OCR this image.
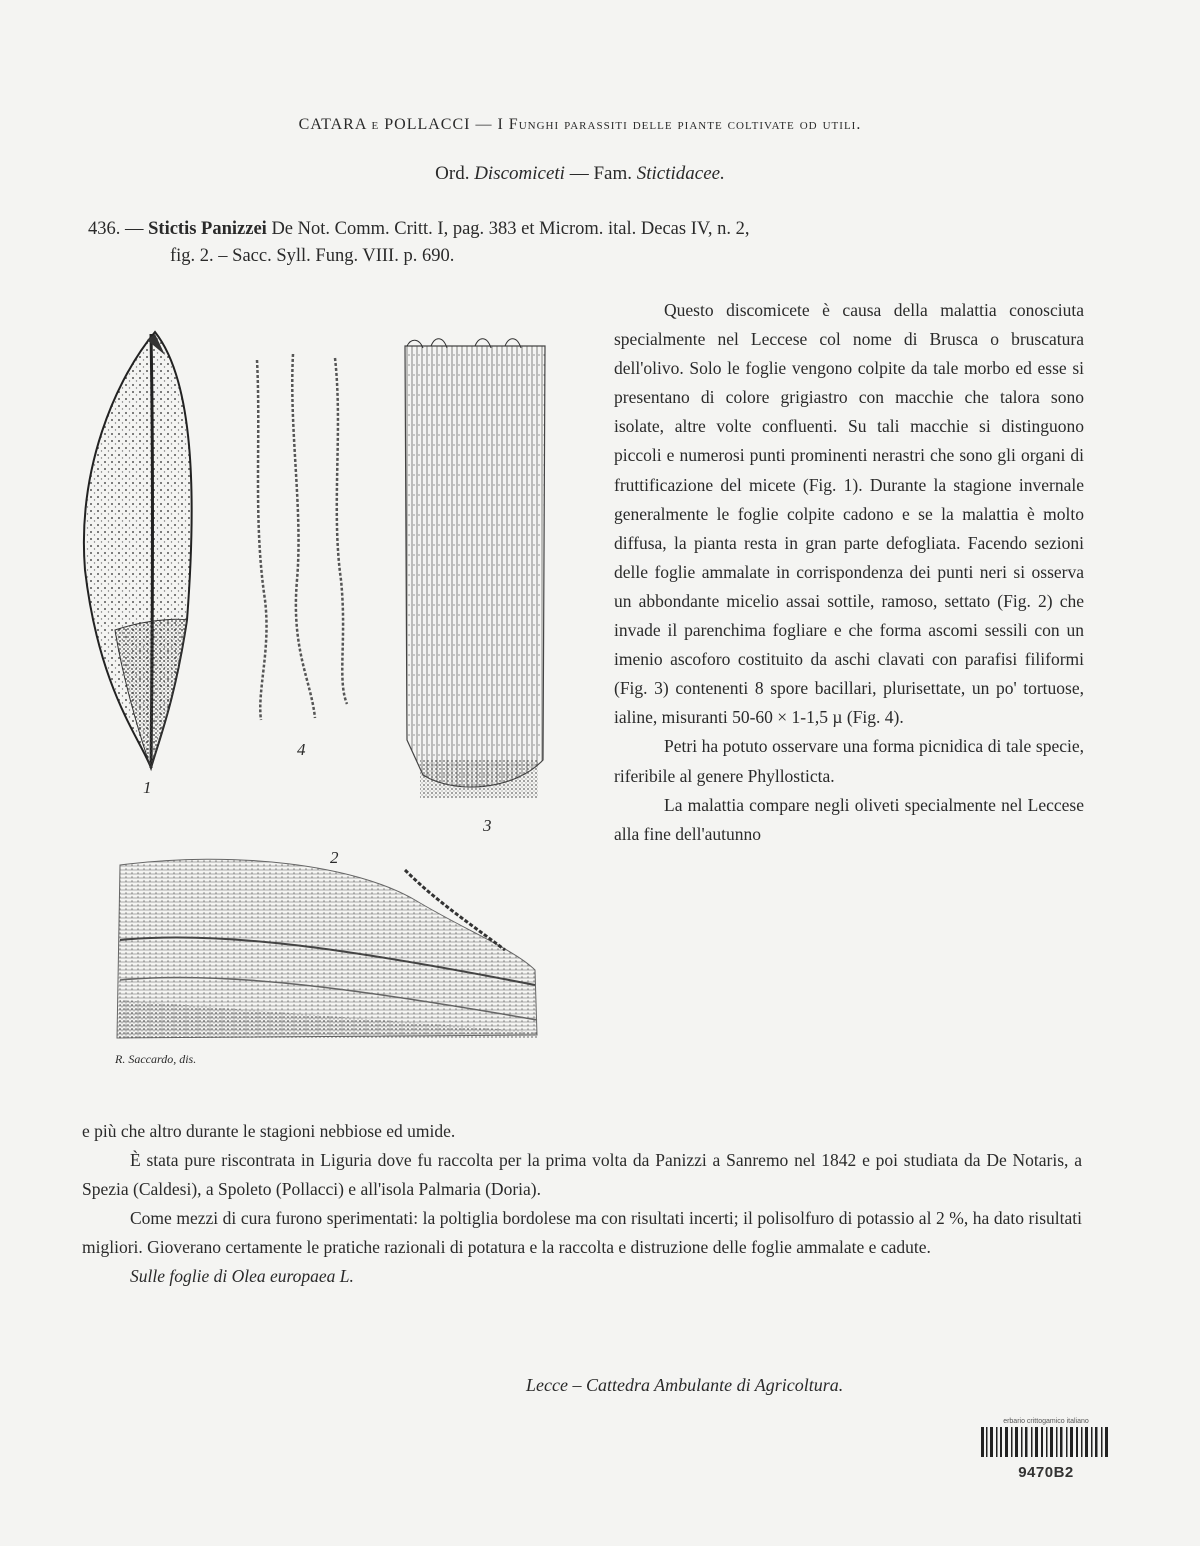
CATARA e POLLACCI — I Funghi parassiti delle piante coltivate od utili.
Ord. Discomiceti — Fam. Stictidacee.
436. — Stictis Panizzei De Not. Comm. Critt. I, pag. 383 et Microm. ital. Decas IV, n. 2,
fig. 2. – Sacc. Syll. Fung. VIII. p. 690.
1
4
3
2
R. Saccardo, dis.

Questo discomicete è causa della malattia conosciuta specialmente nel Leccese col nome di Brusca o bruscatura dell'olivo. Solo le foglie vengono colpite da tale morbo ed esse si presentano di colore grigiastro con macchie che talora sono isolate, altre volte confluenti. Su tali macchie si distinguono piccoli e numerosi punti prominenti nerastri che sono gli organi di fruttificazione del micete (Fig. 1). Durante la stagione invernale generalmente le foglie colpite cadono e se la malattia è molto diffusa, la pianta resta in gran parte defogliata. Facendo sezioni delle foglie ammalate in corrispondenza dei punti neri si osserva un abbondante micelio assai sottile, ramoso, settato (Fig. 2) che invade il parenchima fogliare e che forma ascomi sessili con un imenio ascoforo costituito da aschi clavati con parafisi filiformi (Fig. 3) contenenti 8 spore bacillari, plurisettate, un po' tortuose, ialine, misuranti 50-60 × 1-1,5 µ (Fig. 4).

Petri ha potuto osservare una forma picnidica di tale specie, riferibile al genere Phyllosticta.

La malattia compare negli oliveti specialmente nel Leccese alla fine dell'autunno

e più che altro durante le stagioni nebbiose ed umide.

È stata pure riscontrata in Liguria dove fu raccolta per la prima volta da Panizzi a Sanremo nel 1842 e poi studiata da De Notaris, a Spezia (Caldesi), a Spoleto (Pollacci) e all'isola Palmaria (Doria).

Come mezzi di cura furono sperimentati: la poltiglia bordolese ma con risultati incerti; il polisolfuro di potassio al 2 %, ha dato risultati migliori. Gioverano certamente le pratiche razionali di potatura e la raccolta e distruzione delle foglie ammalate e cadute.

Sulle foglie di Olea europaea L.

Lecce – Cattedra Ambulante di Agricoltura.
erbario crittogamico italiano
9470B2
